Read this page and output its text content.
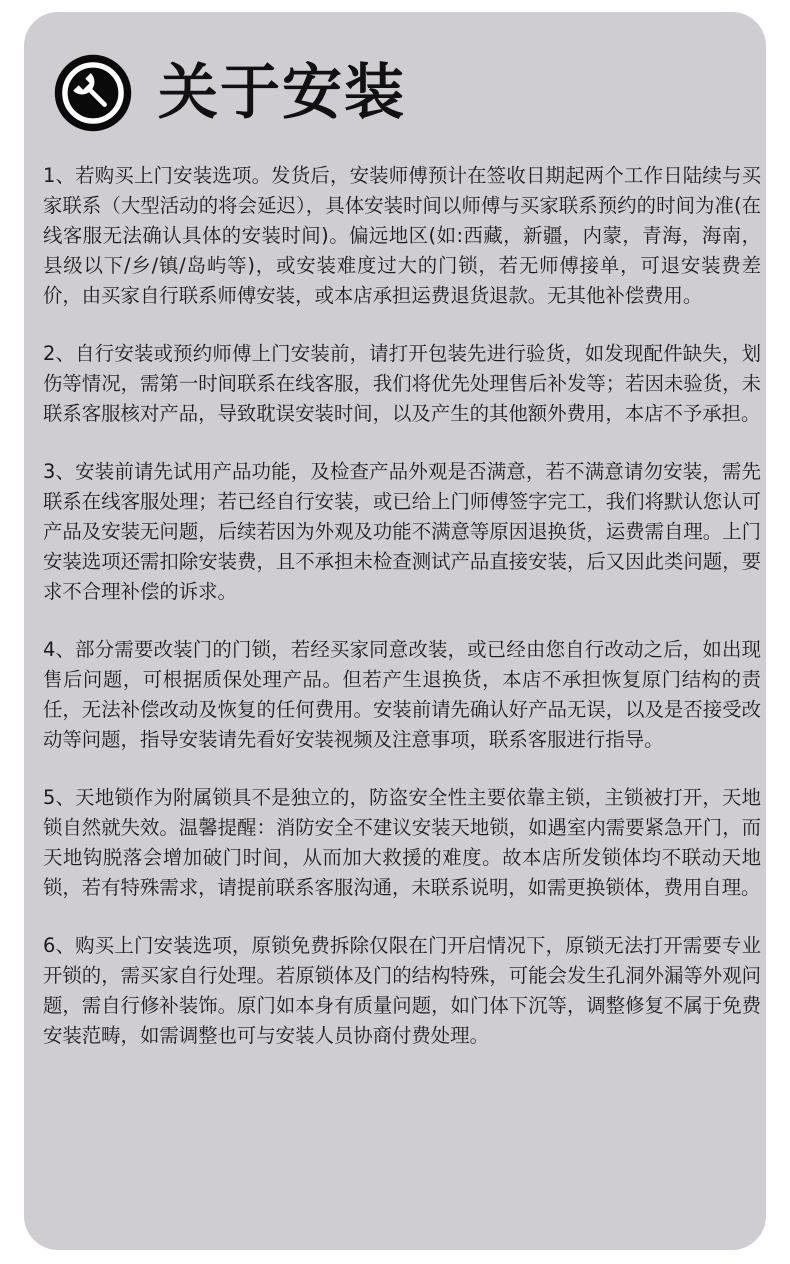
关于安装

1、若购买上门安装选项。发货后，安装师傅预计在签收日期起两个工作日陆续与买家联系（大型活动的将会延迟），具体安装时间以师傅与买家联系预约的时间为准(在线客服无法确认具体的安装时间)。偏远地区(如:西藏，新疆，内蒙，青海，海南，县级以下/乡/镇/岛屿等)，或安装难度过大的门锁，若无师傅接单，可退安装费差价，由买家自行联系师傅安装，或本店承担运费退货退款。无其他补偿费用。

2、自行安装或预约师傅上门安装前，请打开包装先进行验货，如发现配件缺失，划伤等情况，需第一时间联系在线客服，我们将优先处理售后补发等；若因未验货，未联系客服核对产品，导致耽误安装时间，以及产生的其他额外费用，本店不予承担。

3、安装前请先试用产品功能，及检查产品外观是否满意，若不满意请勿安装，需先联系在线客服处理；若已经自行安装，或已给上门师傅签字完工，我们将默认您认可产品及安装无问题，后续若因为外观及功能不满意等原因退换货，运费需自理。上门安装选项还需扣除安装费，且不承担未检查测试产品直接安装，后又因此类问题，要求不合理补偿的诉求。

4、部分需要改装门的门锁，若经买家同意改装，或已经由您自行改动之后，如出现售后问题，可根据质保处理产品。但若产生退换货，本店不承担恢复原门结构的责任，无法补偿改动及恢复的任何费用。安装前请先确认好产品无误，以及是否接受改动等问题，指导安装请先看好安装视频及注意事项，联系客服进行指导。

5、天地锁作为附属锁具不是独立的，防盗安全性主要依靠主锁，主锁被打开，天地锁自然就失效。温馨提醒：消防安全不建议安装天地锁，如遇室内需要紧急开门，而天地钩脱落会增加破门时间，从而加大救援的难度。故本店所发锁体均不联动天地锁，若有特殊需求，请提前联系客服沟通，未联系说明，如需更换锁体，费用自理。

6、购买上门安装选项，原锁免费拆除仅限在门开启情况下，原锁无法打开需要专业开锁的，需买家自行处理。若原锁体及门的结构特殊，可能会发生孔洞外漏等外观问题，需自行修补装饰。原门如本身有质量问题，如门体下沉等，调整修复不属于免费安装范畴，如需调整也可与安装人员协商付费处理。
